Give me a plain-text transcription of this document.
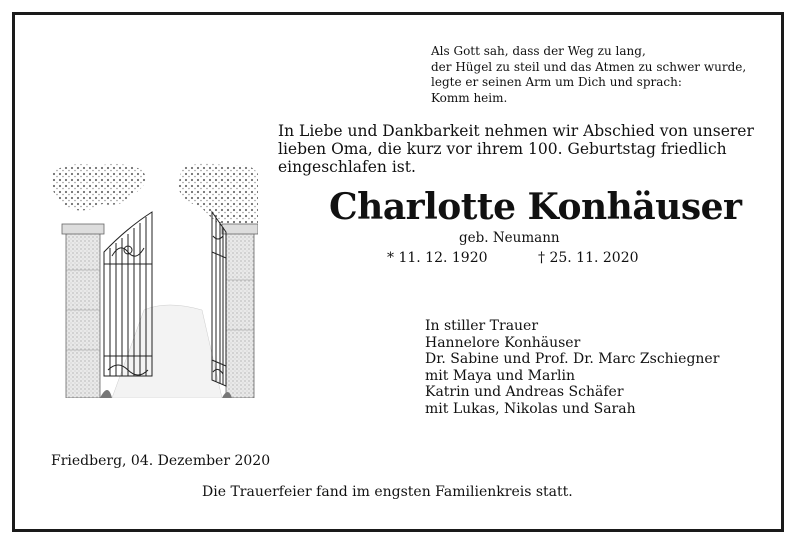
Als Gott sah, dass der Weg zu lang,
der Hügel zu steil und das Atmen zu schwer wurde,
legte er seinen Arm um Dich und sprach:
Komm heim.
In Liebe und Dankbarkeit nehmen wir Abschied von unserer
lieben Oma, die kurz vor ihrem 100. Geburtstag friedlich
eingeschlafen ist.
Charlotte Konhäuser
geb. Neumann
* 11. 12. 1920	† 25. 11. 2020
In stiller Trauer
Hannelore Konhäuser
Dr. Sabine und Prof. Dr. Marc Zschiegner
mit Maya und Marlin
Katrin und Andreas Schäfer
mit Lukas, Nikolas und Sarah
Friedberg, 04. Dezember 2020
Die Trauerfeier fand im engsten Familienkreis statt.
